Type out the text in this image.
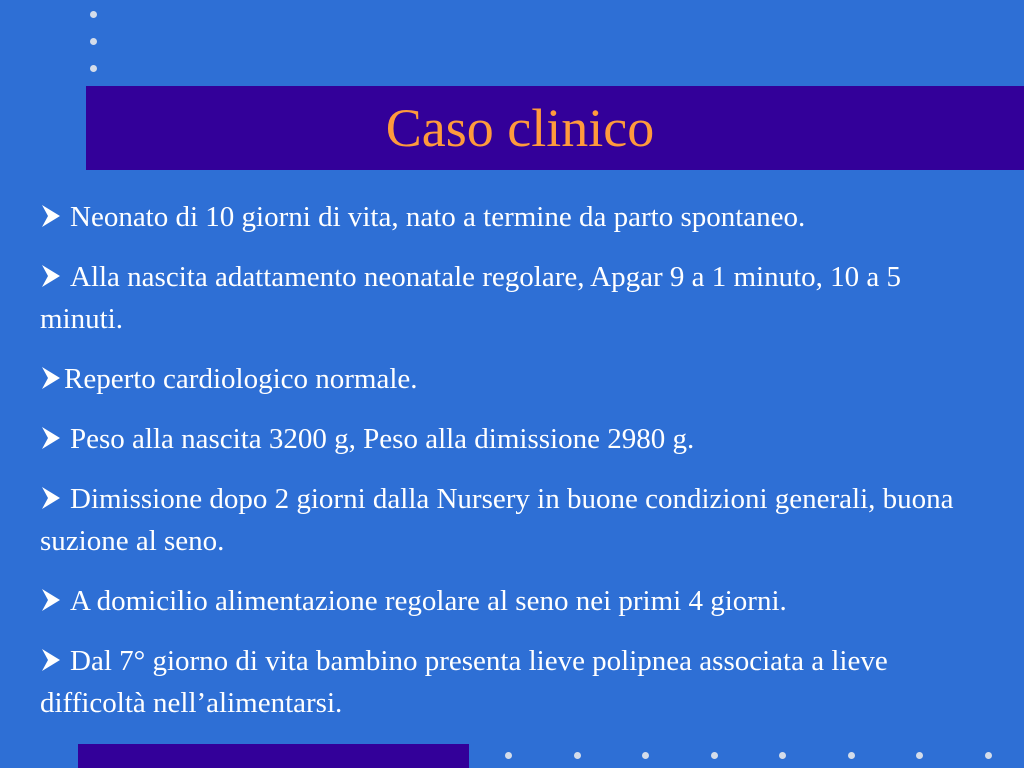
Caso clinico
Neonato di 10 giorni di vita, nato a termine da parto spontaneo.
Alla nascita adattamento neonatale regolare, Apgar 9 a 1 minuto, 10 a 5 minuti.
Reperto cardiologico normale.
Peso alla nascita 3200 g, Peso alla dimissione 2980 g.
Dimissione dopo 2 giorni dalla Nursery in buone condizioni generali, buona suzione al seno.
A domicilio alimentazione regolare al seno nei primi 4 giorni.
Dal 7° giorno di vita bambino presenta lieve polipnea associata a lieve difficoltà nell’alimentarsi.
